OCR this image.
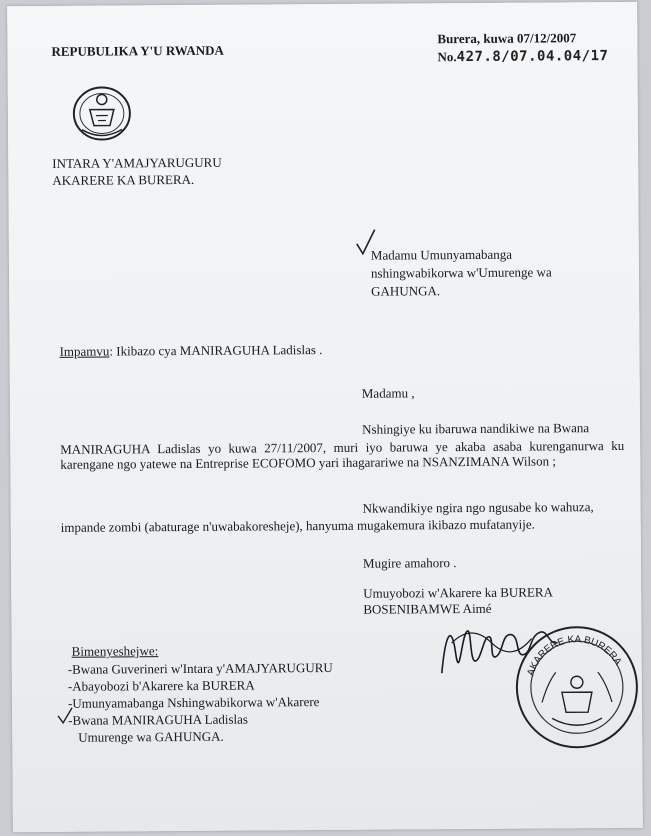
REPUBULIKA Y'U RWANDA
Burera, kuwa 07/12/2007
No.427.8/07.04.04/17
INTARA Y'AMAJYARUGURU
AKARERE KA BURERA.
Madamu Umunyamabanga
nshingwabikorwa w'Umurenge wa
GAHUNGA.
Impamvu: Ikibazo cya MANIRAGUHA Ladislas .
Madamu ,
Nshingiye ku ibaruwa nandikiwe na Bwana
MANIRAGUHA Ladislas yo kuwa 27/11/2007, muri iyo baruwa ye akaba asaba kurenganurwa ku karengane ngo yatewe na Entreprise ECOFOMO yari ihagarariwe na NSANZIMANA Wilson ;
Nkwandikiye ngira ngo ngusabe ko wahuza,
impande zombi (abaturage n'uwabakoresheje), hanyuma mugakemura ikibazo mufatanyije.
Mugire amahoro .
Umuyobozi w'Akarere ka BURERA
BOSENIBAMWE Aimé
AKARERE KA BURERA
Bimenyeshejwe:
-Bwana Guverineri w'Intara y'AMAJYARUGURU
-Abayobozi b'Akarere ka BURERA
-Umunyamabanga Nshingwabikorwa w'Akarere
-Bwana MANIRAGUHA Ladislas
Umurenge wa GAHUNGA.
